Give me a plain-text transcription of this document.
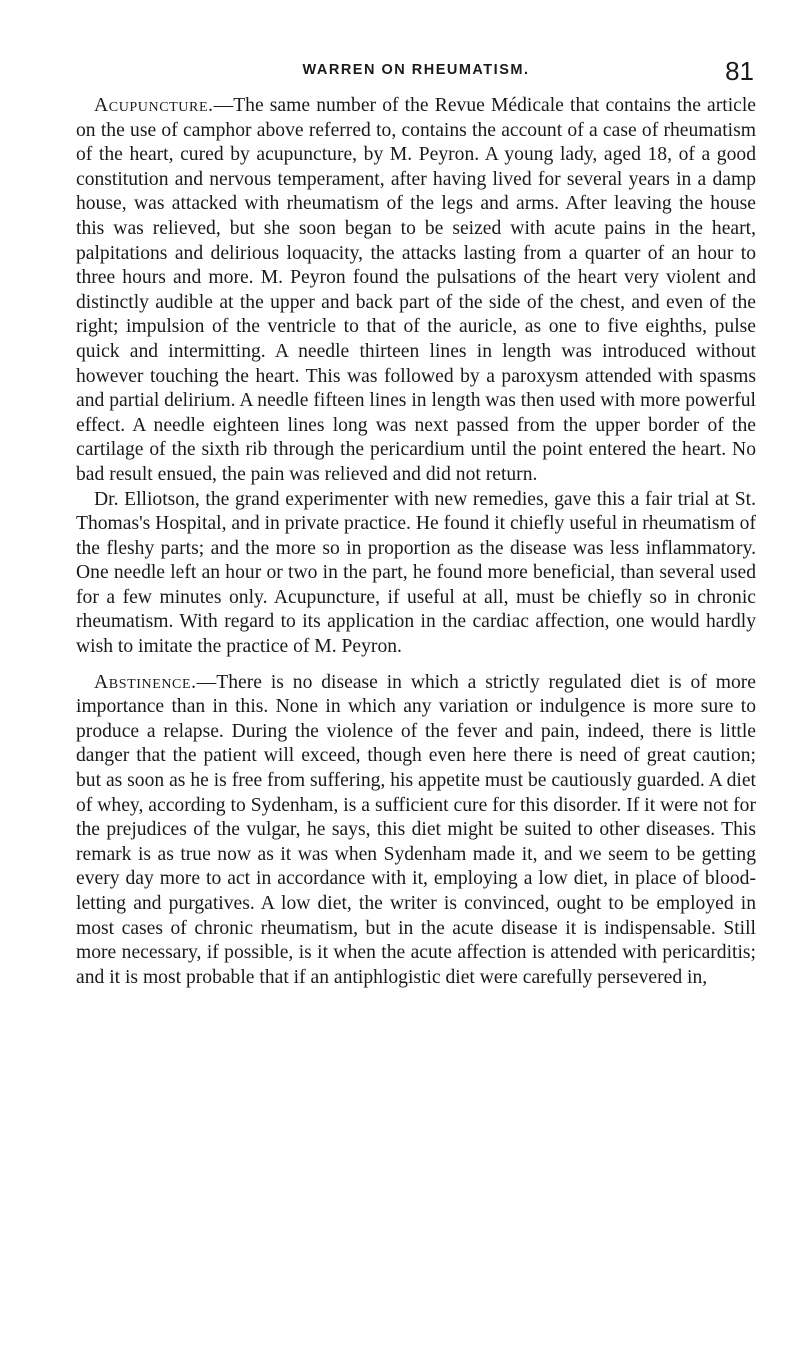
WARREN ON RHEUMATISM.	81

Acupuncture.—The same number of the Revue Médicale that contains the article on the use of camphor above referred to, contains the account of a case of rheumatism of the heart, cured by acupuncture, by M. Peyron. A young lady, aged 18, of a good constitution and nervous temperament, after having lived for several years in a damp house, was attacked with rheumatism of the legs and arms. After leaving the house this was relieved, but she soon began to be seized with acute pains in the heart, palpitations and delirious loquacity, the attacks lasting from a quarter of an hour to three hours and more. M. Peyron found the pulsations of the heart very violent and distinctly audible at the upper and back part of the side of the chest, and even of the right; impulsion of the ventricle to that of the auricle, as one to five eighths, pulse quick and intermitting. A needle thirteen lines in length was introduced without however touching the heart. This was followed by a paroxysm attended with spasms and partial delirium. A needle fifteen lines in length was then used with more powerful effect. A needle eighteen lines long was next passed from the upper border of the cartilage of the sixth rib through the pericardium until the point entered the heart. No bad result ensued, the pain was relieved and did not return.

Dr. Elliotson, the grand experimenter with new remedies, gave this a fair trial at St. Thomas's Hospital, and in private practice. He found it chiefly useful in rheumatism of the fleshy parts; and the more so in proportion as the disease was less inflammatory. One needle left an hour or two in the part, he found more beneficial, than several used for a few minutes only. Acupuncture, if useful at all, must be chiefly so in chronic rheumatism. With regard to its application in the cardiac affection, one would hardly wish to imitate the practice of M. Peyron.

Abstinence.—There is no disease in which a strictly regulated diet is of more importance than in this. None in which any variation or indulgence is more sure to produce a relapse. During the violence of the fever and pain, indeed, there is little danger that the patient will exceed, though even here there is need of great caution; but as soon as he is free from suffering, his appetite must be cautiously guarded. A diet of whey, according to Sydenham, is a sufficient cure for this disorder. If it were not for the prejudices of the vulgar, he says, this diet might be suited to other diseases. This remark is as true now as it was when Sydenham made it, and we seem to be getting every day more to act in accordance with it, employing a low diet, in place of blood-letting and purgatives. A low diet, the writer is convinced, ought to be employed in most cases of chronic rheumatism, but in the acute disease it is indispensable. Still more necessary, if possible, is it when the acute affection is attended with pericarditis; and it is most probable that if an antiphlogistic diet were carefully persevered in,
